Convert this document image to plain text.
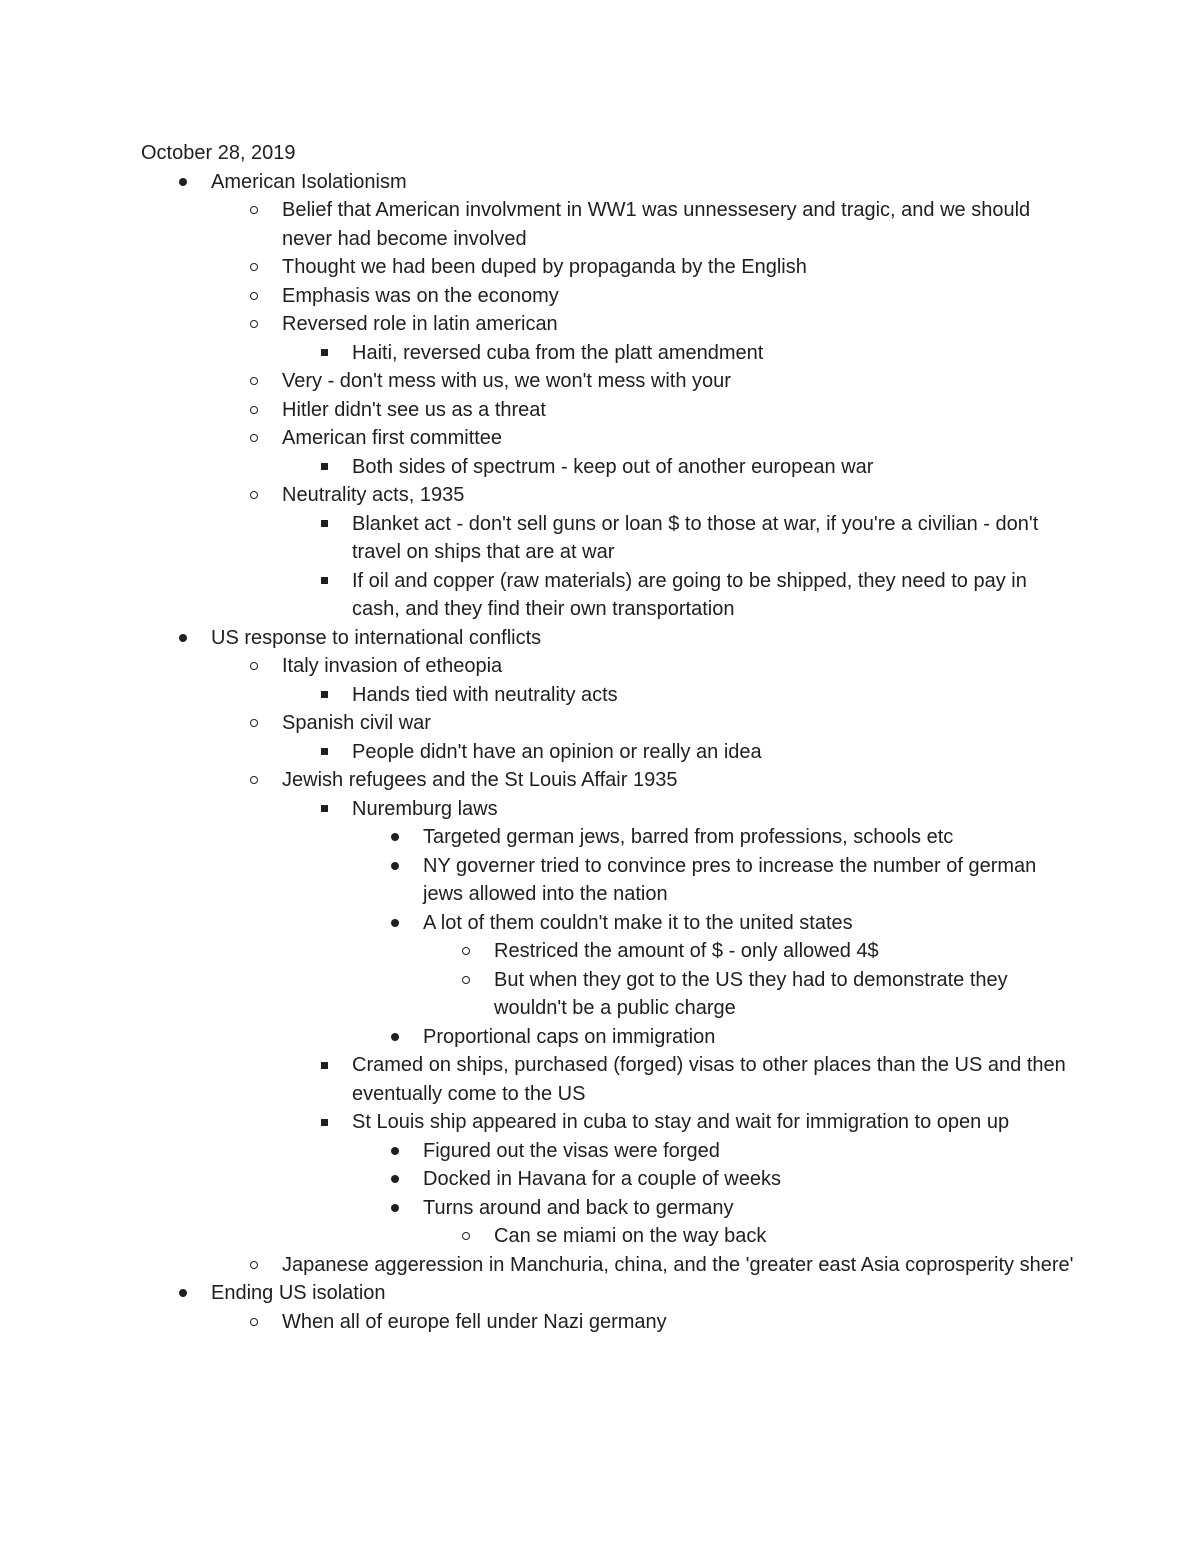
October 28, 2019
American Isolationism
Belief that American involvment in WW1 was unnessesery and tragic, and we should never had become involved
Thought we had been duped by propaganda by the English
Emphasis was on the economy
Reversed role in latin american
Haiti, reversed cuba from the platt amendment
Very - don't mess with us, we won't mess with your
Hitler didn't see us as a threat
American first committee
Both sides of spectrum - keep out of another european war
Neutrality acts, 1935
Blanket act - don't sell guns or loan $ to those at war, if you're a civilian - don't travel on ships that are at war
If oil and copper (raw materials) are going to be shipped, they need to pay in cash, and they find their own transportation
US response to international conflicts
Italy invasion of etheopia
Hands tied with neutrality acts
Spanish civil war
People didn't have an opinion or really an idea
Jewish refugees and the St Louis Affair 1935
Nuremburg laws
Targeted german jews, barred from professions, schools etc
NY governer tried to convince pres to increase the number of german jews allowed into the nation
A lot of them couldn't make it to the united states
Restriced the amount of $ - only allowed 4$
But when they got to the US they had to demonstrate they wouldn't be a public charge
Proportional caps on immigration
Cramed on ships, purchased (forged) visas to other places than the US and then eventually come to the US
St Louis ship appeared in cuba to stay and wait for immigration to open up
Figured out the visas were forged
Docked in Havana for a couple of weeks
Turns around and back to germany
Can se miami on the way back
Japanese aggeression in Manchuria, china, and the 'greater east Asia coprosperity shere'
Ending US isolation
When all of europe fell under Nazi germany
